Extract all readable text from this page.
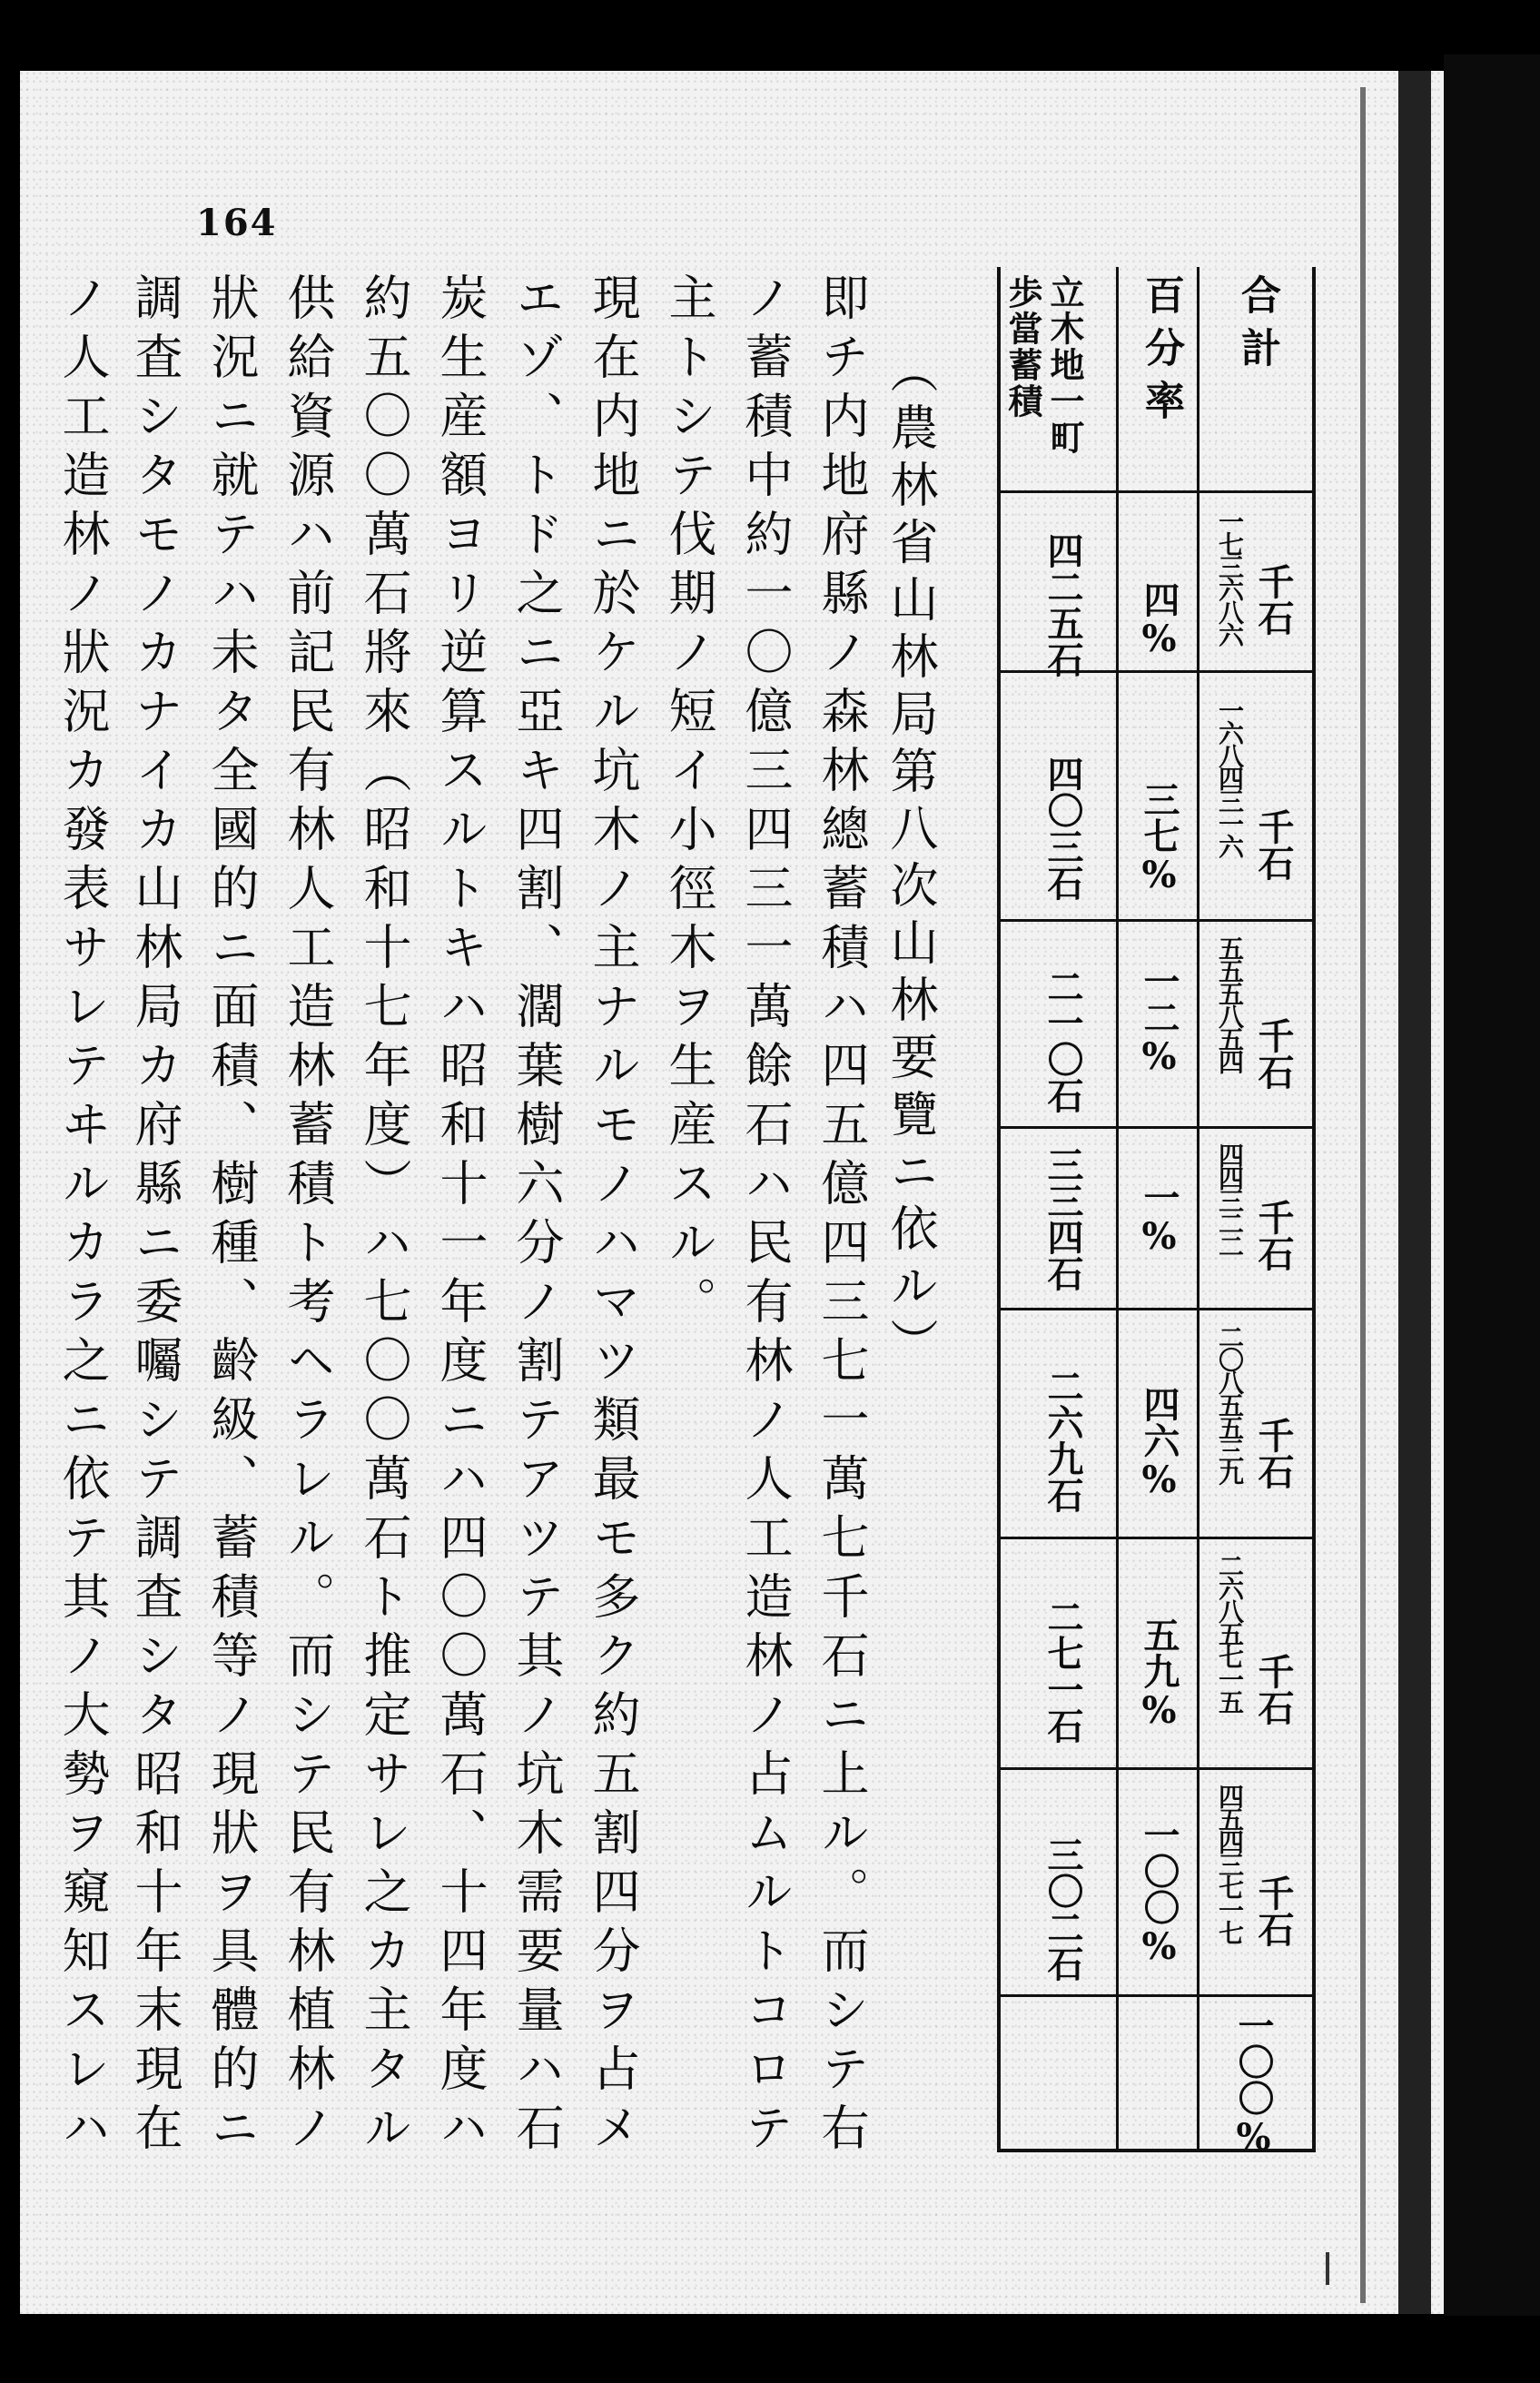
164
合計
百分率
立木地一町
歩當蓄積
千石
一七三六八六
四%
四二五石
千石
一六八四三一六
三七%
四〇三石
千石
五五五八五四
一二%
二一〇石
千石
四四三二二
一%
三三四石
千石
二〇八五五三九
四六%
二六九石
千石
二六八五七一五
五九%
二七一石
千石
四五四三七一七
一〇〇%
三〇二石
一〇〇%
（農林省山林局第八次山林要覽ニ依ル）
即チ内地府縣ノ森林總蓄積ハ四五億四三七一萬七千石ニ上ル。而シテ右
ノ蓄積中約一〇億三四三一萬餘石ハ民有林ノ人工造林ノ占ムルトコロテ
主トシテ伐期ノ短イ小徑木ヲ生産スル。
現在内地ニ於ケル坑木ノ主ナルモノハマツ類最モ多ク約五割四分ヲ占メ
エゾ、トド之ニ亞キ四割、濶葉樹六分ノ割テアツテ其ノ坑木需要量ハ石
炭生産額ヨリ逆算スルトキハ昭和十一年度ニハ四〇〇萬石、十四年度ハ
約五〇〇萬石將來（昭和十七年度）ハ七〇〇萬石ト推定サレ之カ主タル
供給資源ハ前記民有林人工造林蓄積ト考ヘラレル。而シテ民有林植林ノ
狀況ニ就テハ未タ全國的ニ面積、樹種、齡級、蓄積等ノ現狀ヲ具體的ニ
調査シタモノカナイカ山林局カ府縣ニ委囑シテ調査シタ昭和十年末現在
ノ人工造林ノ狀況カ發表サレテヰルカラ之ニ依テ其ノ大勢ヲ窺知スレハ
